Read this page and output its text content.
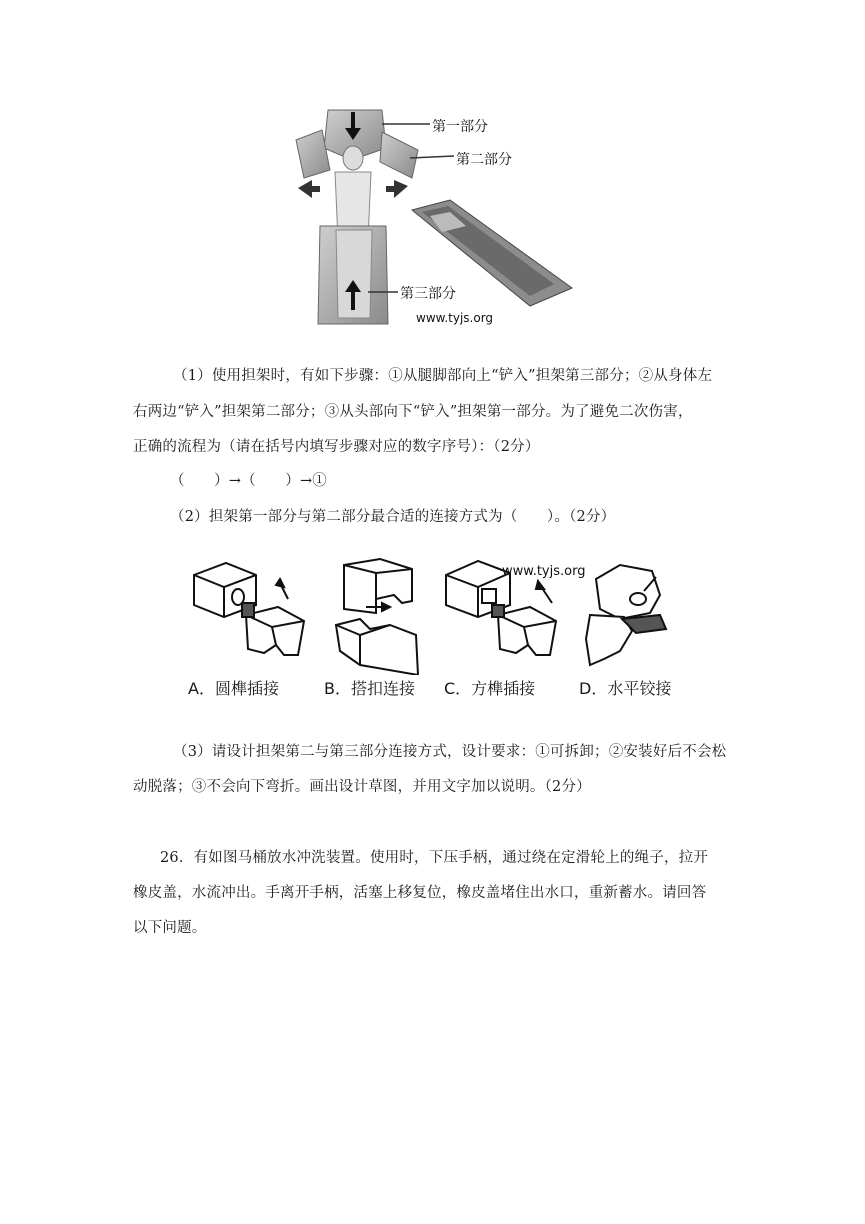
第一部分
第二部分
第三部分
www.tyjs.org
（1）使用担架时，有如下步骤：①从腿脚部向上“铲入”担架第三部分；②从身体左
右两边“铲入”担架第二部分；③从头部向下“铲入”担架第一部分。为了避免二次伤害，
正确的流程为（请在括号内填写步骤对应的数字序号）：（2分）
（　　）→（　　）→①
（2）担架第一部分与第二部分最合适的连接方式为（　　）。（2分）
www.tyjs.org
A．圆榫插接	B．搭扣连接 C．方榫插接	D．水平铰接
（3）请设计担架第二与第三部分连接方式，设计要求：①可拆卸；②安装好后不会松
动脱落；③不会向下弯折。画出设计草图，并用文字加以说明。（2分）
26．有如图马桶放水冲洗装置。使用时，下压手柄，通过绕在定滑轮上的绳子，拉开
橡皮盖，水流冲出。手离开手柄，活塞上移复位，橡皮盖堵住出水口，重新蓄水。请回答
以下问题。
